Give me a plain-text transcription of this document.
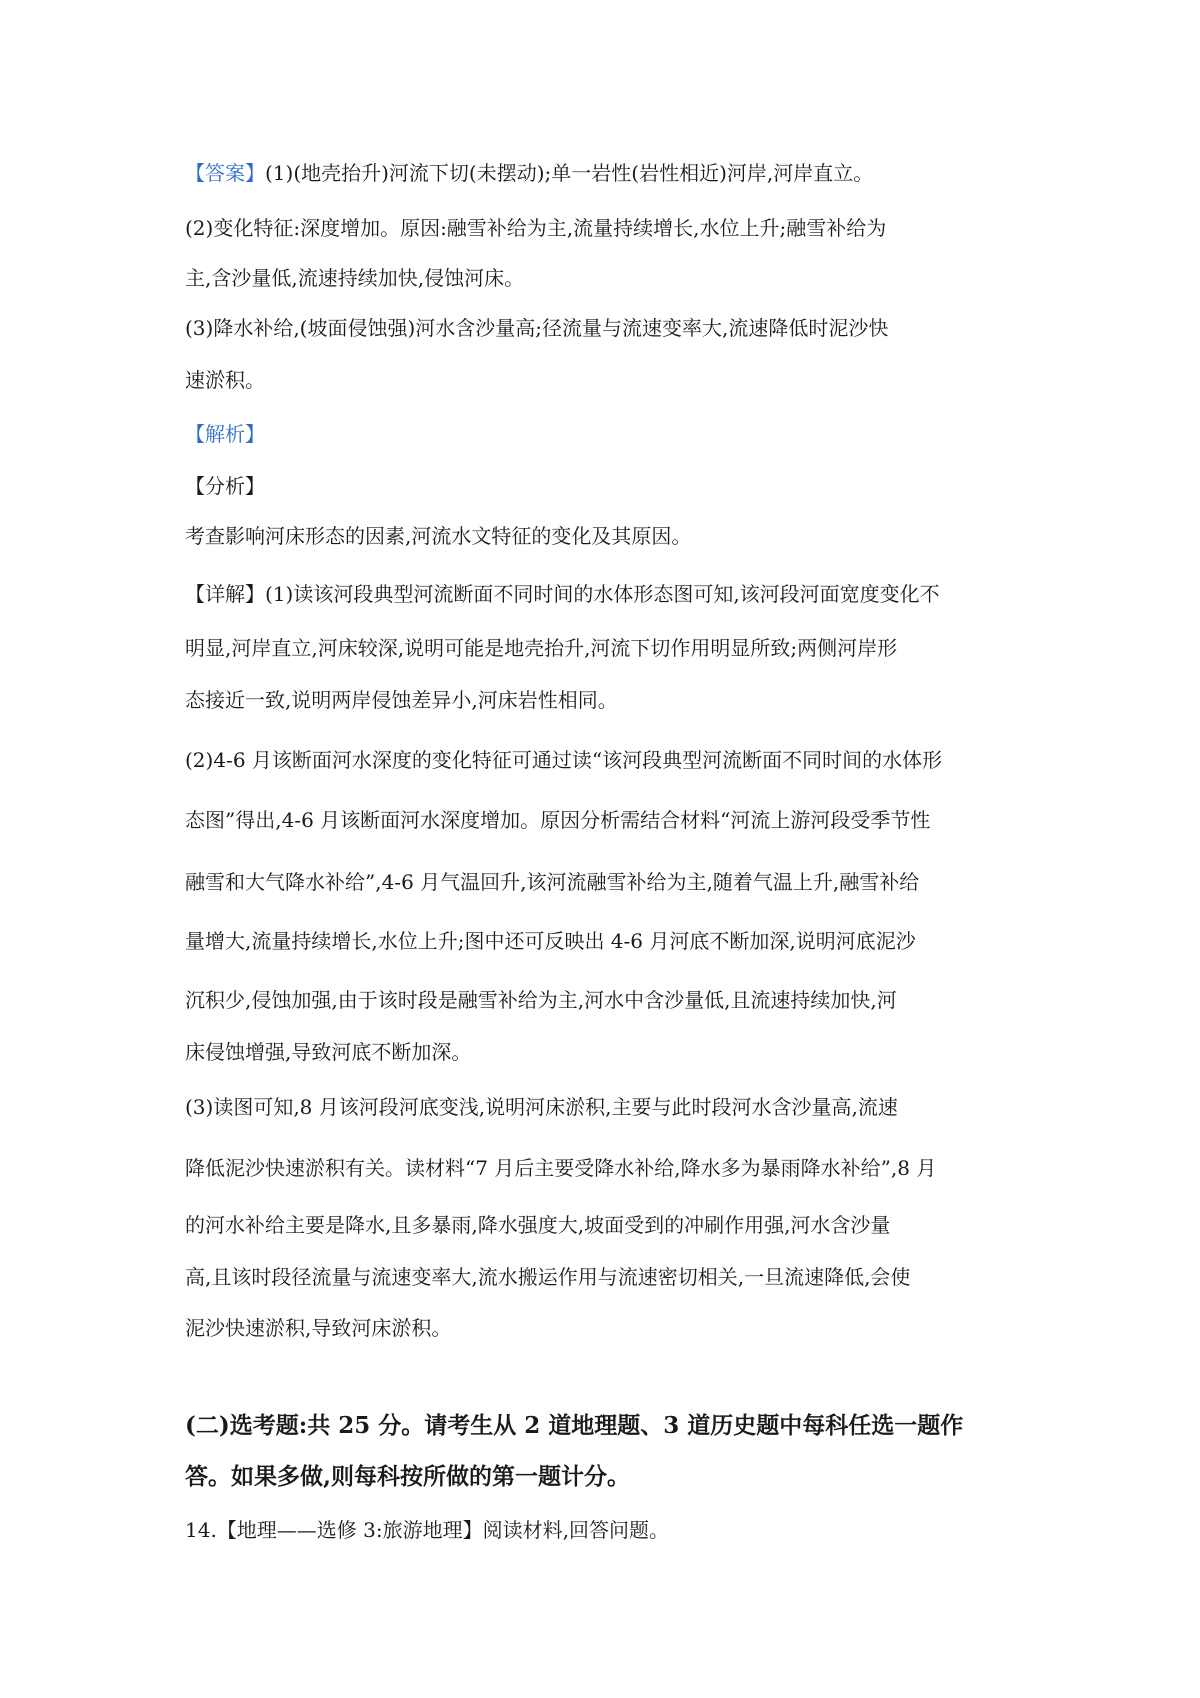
【答案】(1)(地壳抬升)河流下切(未摆动);单一岩性(岩性相近)河岸,河岸直立。
(2)变化特征:深度增加。原因:融雪补给为主,流量持续增长,水位上升;融雪补给为
主,含沙量低,流速持续加快,侵蚀河床。
(3)降水补给,(坡面侵蚀强)河水含沙量高;径流量与流速变率大,流速降低时泥沙快
速淤积。
【解析】
【分析】
考查影响河床形态的因素,河流水文特征的变化及其原因。
【详解】(1)读该河段典型河流断面不同时间的水体形态图可知,该河段河面宽度变化不
明显,河岸直立,河床较深,说明可能是地壳抬升,河流下切作用明显所致;两侧河岸形
态接近一致,说明两岸侵蚀差异小,河床岩性相同。
(2)4-6 月该断面河水深度的变化特征可通过读“该河段典型河流断面不同时间的水体形
态图”得出,4-6 月该断面河水深度增加。原因分析需结合材料“河流上游河段受季节性
融雪和大气降水补给”,4-6 月气温回升,该河流融雪补给为主,随着气温上升,融雪补给
量增大,流量持续增长,水位上升;图中还可反映出 4-6 月河底不断加深,说明河底泥沙
沉积少,侵蚀加强,由于该时段是融雪补给为主,河水中含沙量低,且流速持续加快,河
床侵蚀增强,导致河底不断加深。
(3)读图可知,8 月该河段河底变浅,说明河床淤积,主要与此时段河水含沙量高,流速
降低泥沙快速淤积有关。读材料“7 月后主要受降水补给,降水多为暴雨降水补给”,8 月
的河水补给主要是降水,且多暴雨,降水强度大,坡面受到的冲刷作用强,河水含沙量
高,且该时段径流量与流速变率大,流水搬运作用与流速密切相关,一旦流速降低,会使
泥沙快速淤积,导致河床淤积。
(二)选考题:共 25 分。请考生从 2 道地理题、3 道历史题中每科任选一题作
答。如果多做,则每科按所做的第一题计分。
14.【地理——选修 3:旅游地理】阅读材料,回答问题。
